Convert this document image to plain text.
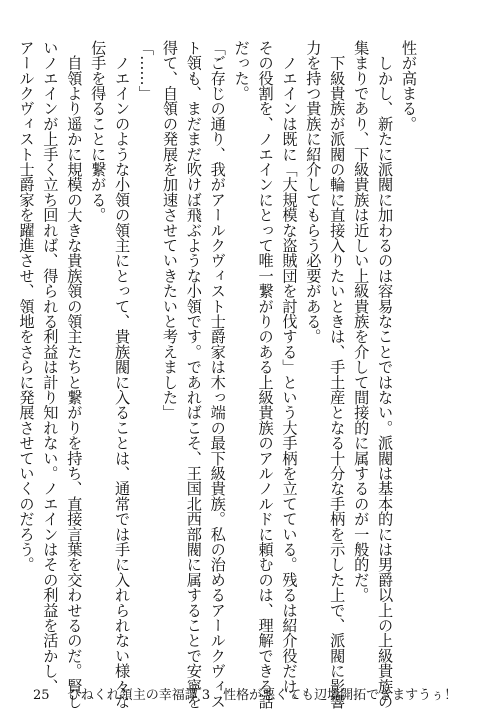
性が高まる。
　しかし、新たに派閥に加わるのは容易なことではない。派閥は基本的には男爵以上の上級貴族の
集まりであり、下級貴族は近しい上級貴族を介して間接的に属するのが一般的だ。
　下級貴族が派閥の輪に直接入りたいときは、手土産となる十分な手柄を示した上で、派閥に影響
力を持つ貴族に紹介してもらう必要がある。
　ノエインは既に「大規模な盗賊団を討伐する」という大手柄を立てている。残るは紹介役だけ。
その役割を、ノエインにとって唯一繋がりのある上級貴族のアルノルドに頼むのは、理解できる話
だった。
「ご存じの通り、我がアールクヴィスト士爵家は木っ端の最下級貴族。私の治めるアールクヴィス
ト領も、まだまだ吹けば飛ぶような小領です。であればこそ、王国北西部閥に属することで安寧を
得て、自領の発展を加速させていきたいと考えました」
「……」
　ノエインのような小領の領主にとって、貴族閥に入ることは、通常では手に入れられない様々な
伝手を得ることに繋がる。
　自領より遥かに規模の大きな貴族領の領主たちと繋がりを持ち、直接言葉を交わせるのだ。賢し
いノエインが上手く立ち回れば、得られる利益は計り知れない。ノエインはその利益を活かし、
アールクヴィスト士爵家を躍進させ、領地をさらに発展させていくのだろう。
25 ひねくれ領主の幸福譚 3　性格が悪くても辺境開拓できますうぅ！
